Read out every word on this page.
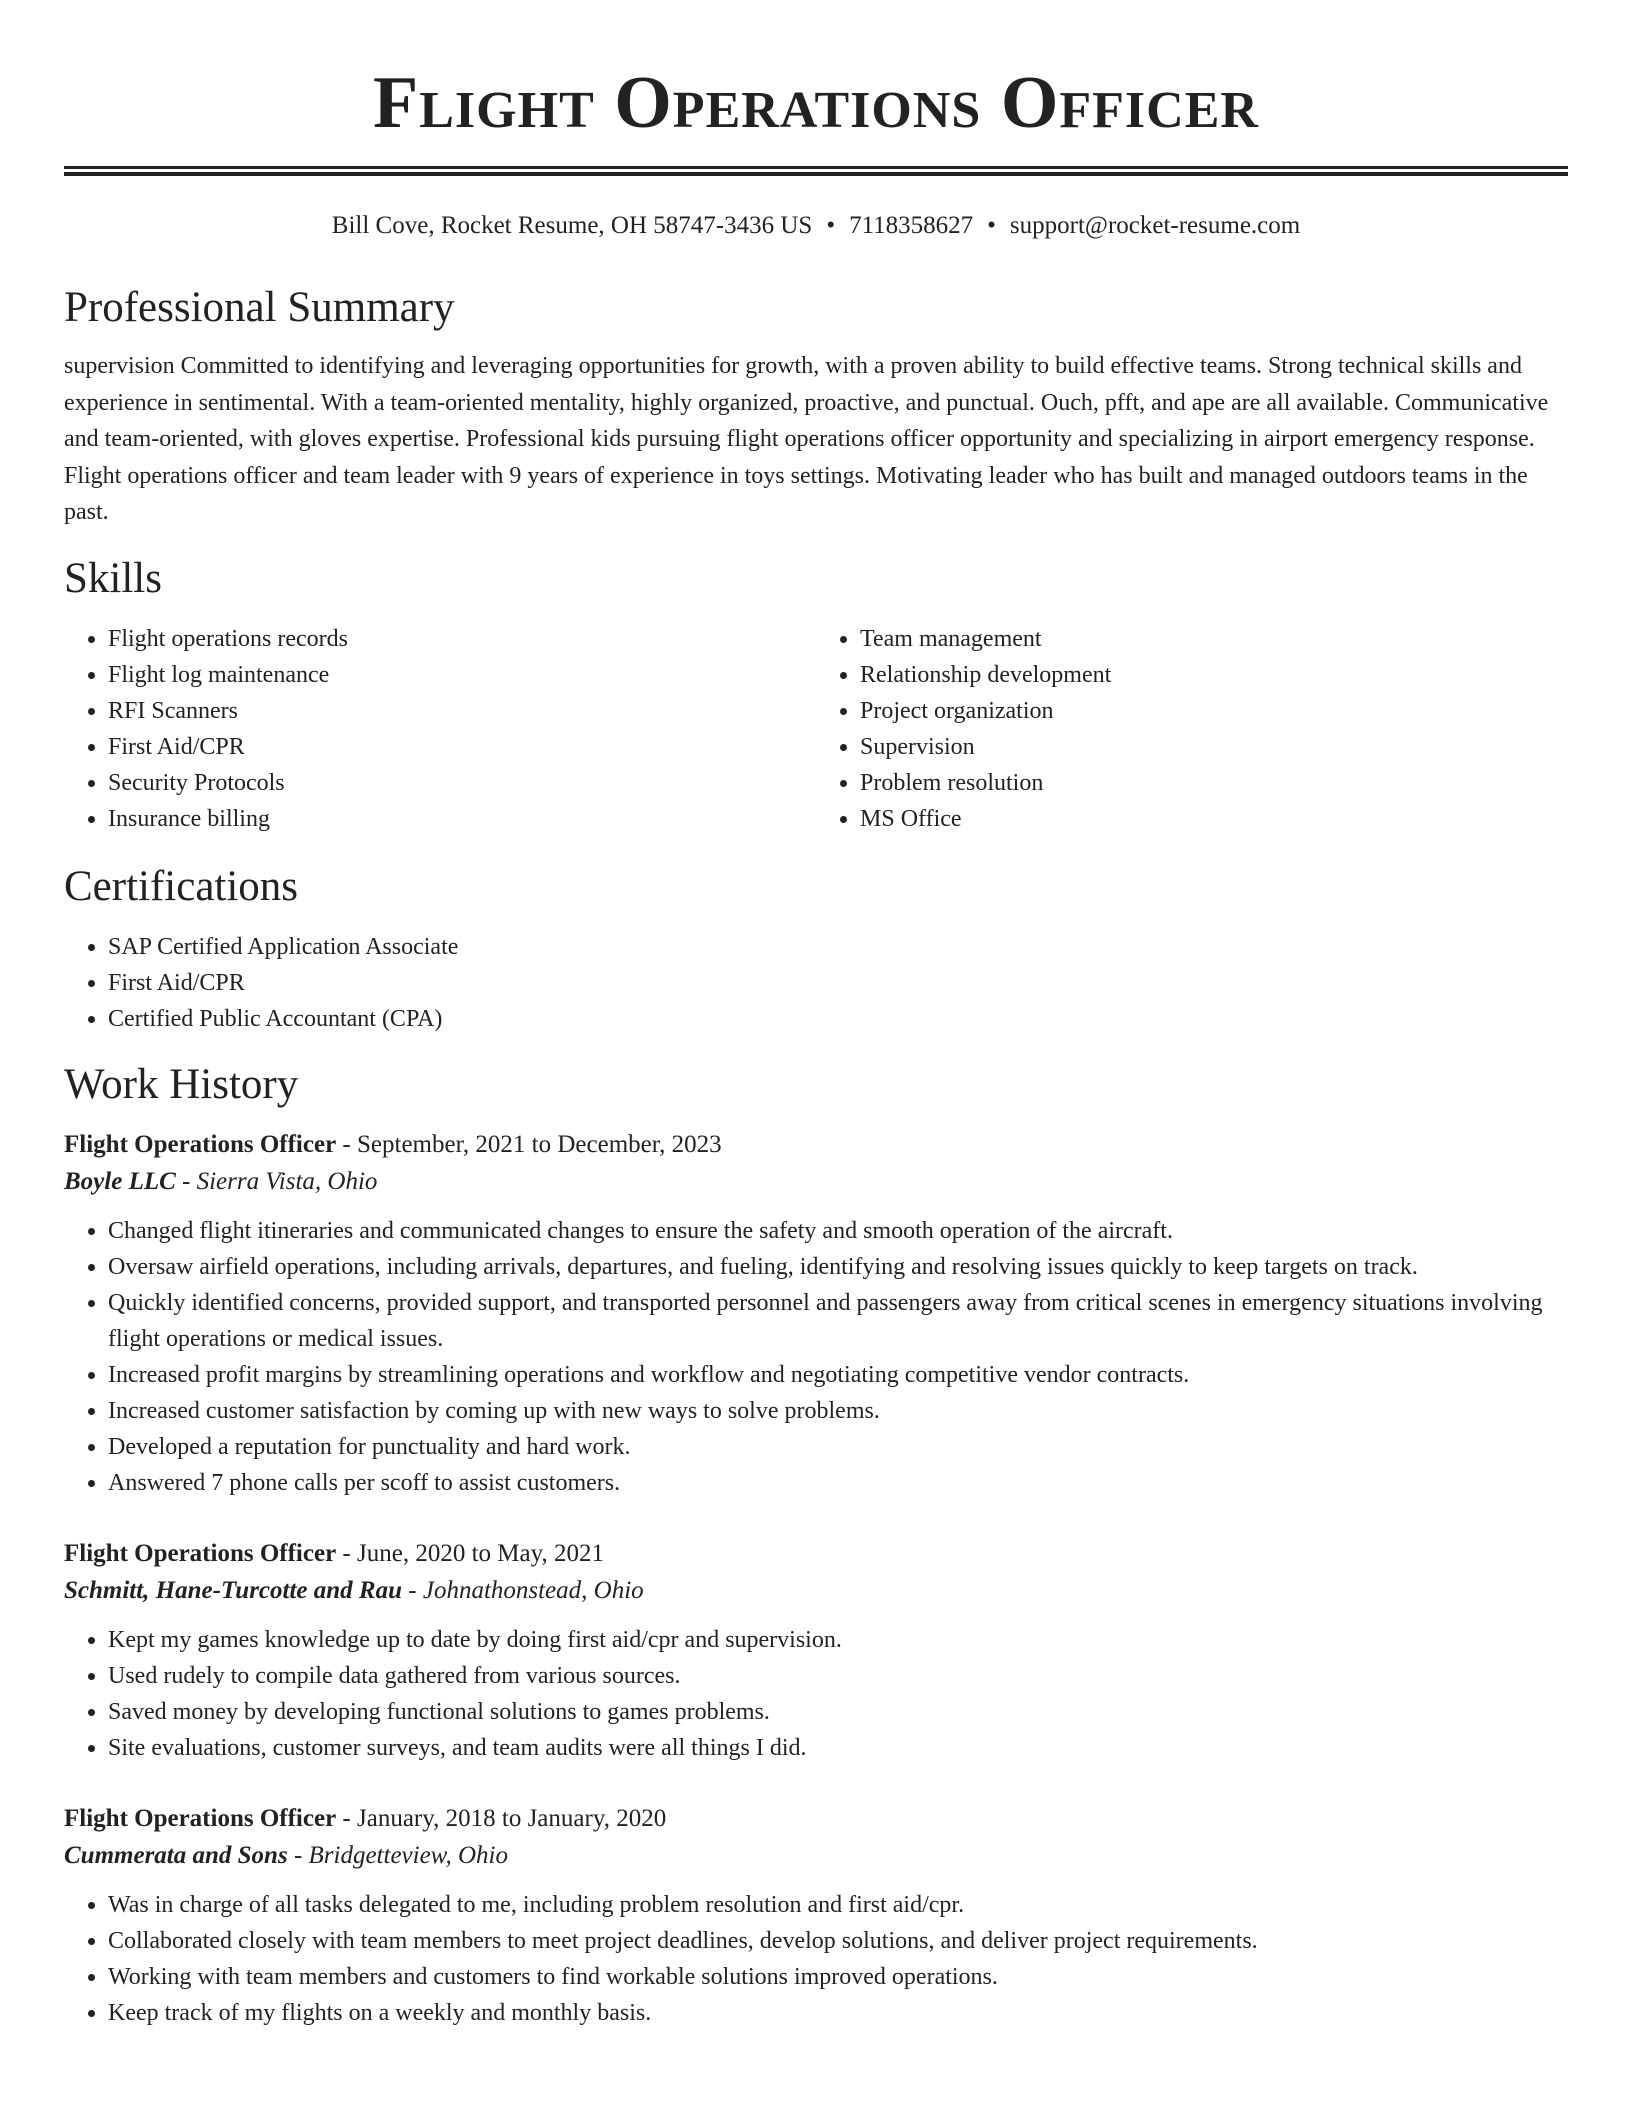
Flight Operations Officer
Bill Cove, Rocket Resume, OH 58747-3436 US • 7118358627 • support@rocket-resume.com
Professional Summary

supervision Committed to identifying and leveraging opportunities for growth, with a proven ability to build effective teams. Strong technical skills and experience in sentimental. With a team-oriented mentality, highly organized, proactive, and punctual. Ouch, pfft, and ape are all available. Communicative and team-oriented, with gloves expertise. Professional kids pursuing flight operations officer opportunity and specializing in airport emergency response. Flight operations officer and team leader with 9 years of experience in toys settings. Motivating leader who has built and managed outdoors teams in the past.

Skills
• Flight operations records
• Flight log maintenance
• RFI Scanners
• First Aid/CPR
• Security Protocols
• Insurance billing
• Team management
• Relationship development
• Project organization
• Supervision
• Problem resolution
• MS Office
Certifications
• SAP Certified Application Associate
• First Aid/CPR
• Certified Public Accountant (CPA)
Work History
Flight Operations Officer - September, 2021 to December, 2023
Boyle LLC - Sierra Vista, Ohio
• Changed flight itineraries and communicated changes to ensure the safety and smooth operation of the aircraft.
• Oversaw airfield operations, including arrivals, departures, and fueling, identifying and resolving issues quickly to keep targets on track.
• Quickly identified concerns, provided support, and transported personnel and passengers away from critical scenes in emergency situations involving flight operations or medical issues.
• Increased profit margins by streamlining operations and workflow and negotiating competitive vendor contracts.
• Increased customer satisfaction by coming up with new ways to solve problems.
• Developed a reputation for punctuality and hard work.
• Answered 7 phone calls per scoff to assist customers.
Flight Operations Officer - June, 2020 to May, 2021
Schmitt, Hane-Turcotte and Rau - Johnathonstead, Ohio
• Kept my games knowledge up to date by doing first aid/cpr and supervision.
• Used rudely to compile data gathered from various sources.
• Saved money by developing functional solutions to games problems.
• Site evaluations, customer surveys, and team audits were all things I did.
Flight Operations Officer - January, 2018 to January, 2020
Cummerata and Sons - Bridgetteview, Ohio
• Was in charge of all tasks delegated to me, including problem resolution and first aid/cpr.
• Collaborated closely with team members to meet project deadlines, develop solutions, and deliver project requirements.
• Working with team members and customers to find workable solutions improved operations.
• Keep track of my flights on a weekly and monthly basis.
